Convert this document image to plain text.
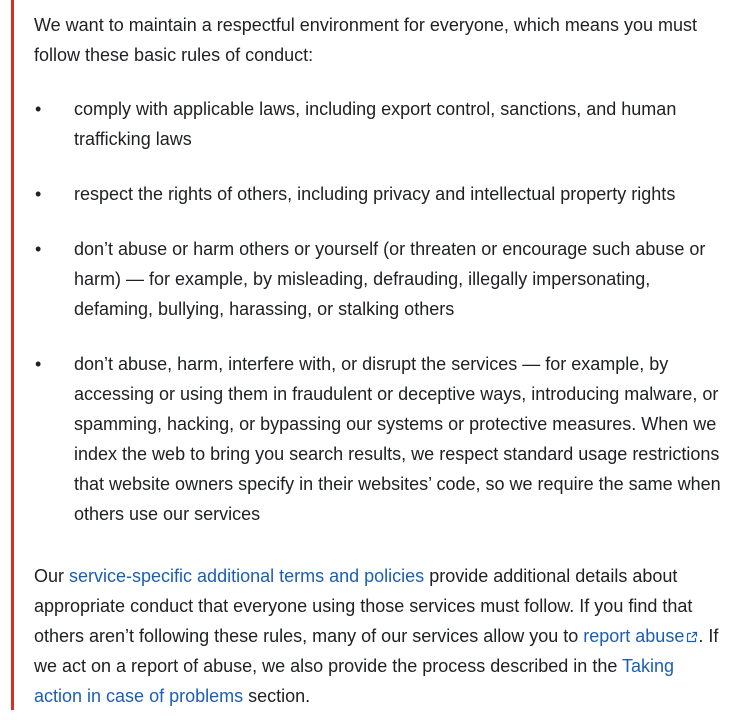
We want to maintain a respectful environment for everyone, which means you must follow these basic rules of conduct:

• comply with applicable laws, including export control, sanctions, and human trafficking laws
• respect the rights of others, including privacy and intellectual property rights
• don’t abuse or harm others or yourself (or threaten or encourage such abuse or harm) — for example, by misleading, defrauding, illegally impersonating, defaming, bullying, harassing, or stalking others
• don’t abuse, harm, interfere with, or disrupt the services — for example, by accessing or using them in fraudulent or deceptive ways, introducing malware, or spamming, hacking, or bypassing our systems or protective measures. When we index the web to bring you search results, we respect standard usage restrictions that website owners specify in their websites’ code, so we require the same when others use our services

Our service-specific additional terms and policies provide additional details about appropriate conduct that everyone using those services must follow. If you find that others aren’t following these rules, many of our services allow you to report abuse . If we act on a report of abuse, we also provide the process described in the Taking action in case of problems section.
